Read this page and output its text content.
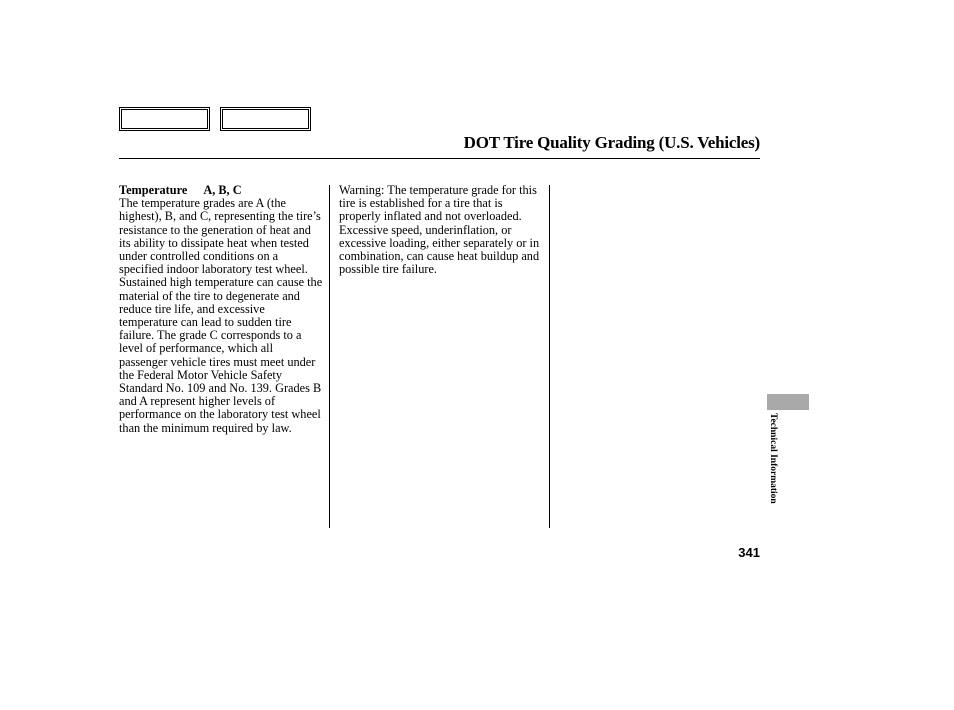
DOT Tire Quality Grading (U.S. Vehicles)
Temperature A, B, C
The temperature grades are A (the highest), B, and C, representing the tire’s resistance to the generation of heat and its ability to dissipate heat when tested under controlled conditions on a specified indoor laboratory test wheel. Sustained high temperature can cause the material of the tire to degenerate and reduce tire life, and excessive temperature can lead to sudden tire failure. The grade C corresponds to a level of performance, which all passenger vehicle tires must meet under the Federal Motor Vehicle Safety Standard No. 109 and No. 139. Grades B and A represent higher levels of performance on the laboratory test wheel than the minimum required by law.
Warning: The temperature grade for this tire is established for a tire that is properly inflated and not overloaded. Excessive speed, underinflation, or excessive loading, either separately or in combination, can cause heat buildup and possible tire failure.
Technical Information
341
